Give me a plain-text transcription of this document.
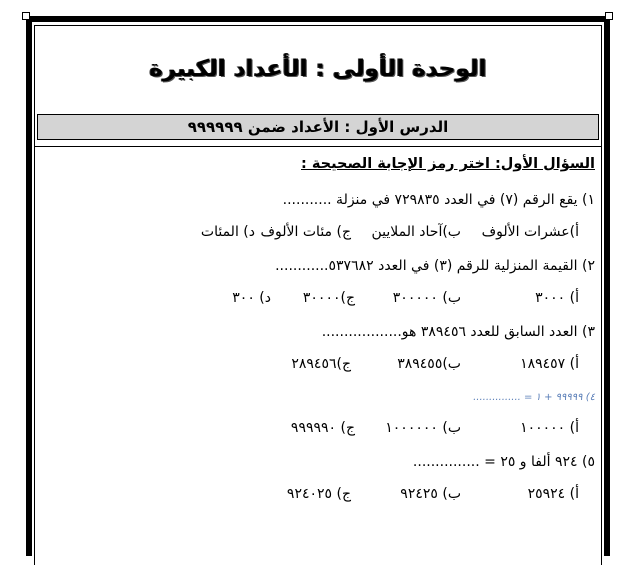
الوحدة الأولى : الأعداد الكبيرة
الدرس الأول : الأعداد ضمن ٩٩٩٩٩٩
السؤال الأول: اختر رمز الإجابة الصحيحة :
١) يقع الرقم (٧) في العدد ٧٢٩٨٣٥ في منزلة ...........
أ)عشرات الألوف
ب)آحاد الملايين
ج) مئات الألوف
د) المئات
٢) القيمة المنزلية للرقم (٣) في العدد ٥٣٧٦٨٢............
أ) ٣٠٠٠
ب) ٣٠٠٠٠٠
ج)٣٠٠٠٠
د) ٣٠٠
٣) العدد السابق للعدد ٣٨٩٤٥٦ هو..................
أ) ١٨٩٤٥٧
ب)٣٨٩٤٥٥
ج)٢٨٩٤٥٦
٤) ٩٩٩٩٩ + ١ = ...............
أ) ١٠٠٠٠٠
ب) ١٠٠٠٠٠٠
ج) ٩٩٩٩٩٠
٥) ٩٢٤ ألفا و ٢٥ = ...............
أ) ٢٥٩٢٤
ب) ٩٢٤٢٥
ج) ٩٢٤٠٢٥
